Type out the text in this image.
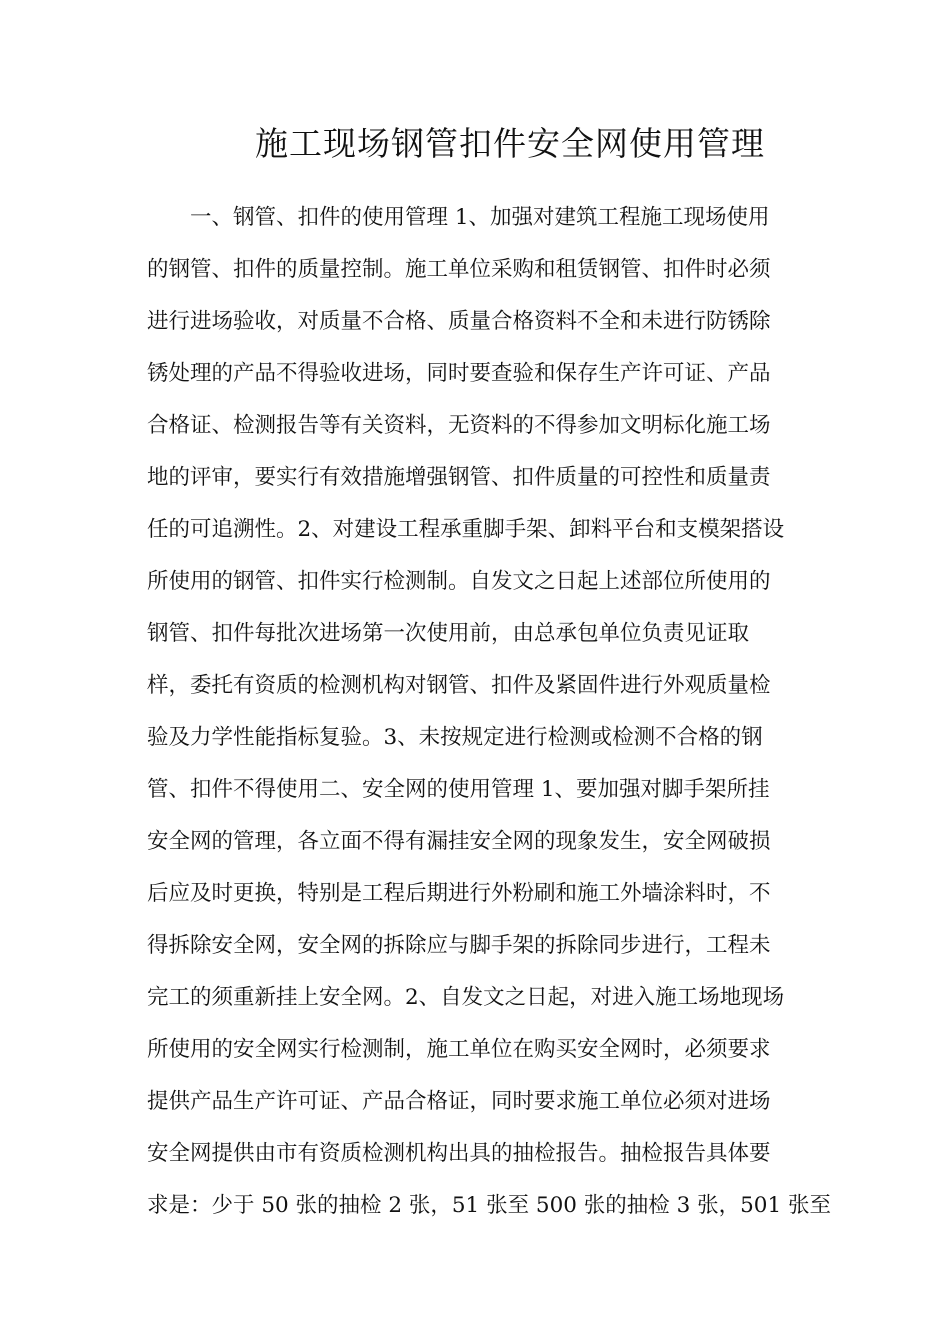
施工现场钢管扣件安全网使用管理
　　一、钢管、扣件的使用管理 1、加强对建筑工程施工现场使用
的钢管、扣件的质量控制。施工单位采购和租赁钢管、扣件时必须
进行进场验收，对质量不合格、质量合格资料不全和未进行防锈除
锈处理的产品不得验收进场，同时要查验和保存生产许可证、产品
合格证、检测报告等有关资料，无资料的不得参加文明标化施工场
地的评审，要实行有效措施增强钢管、扣件质量的可控性和质量责
任的可追溯性。2、对建设工程承重脚手架、卸料平台和支模架搭设
所使用的钢管、扣件实行检测制。自发文之日起上述部位所使用的
钢管、扣件每批次进场第一次使用前，由总承包单位负责见证取
样，委托有资质的检测机构对钢管、扣件及紧固件进行外观质量检
验及力学性能指标复验。3、未按规定进行检测或检测不合格的钢
管、扣件不得使用二、安全网的使用管理 1、要加强对脚手架所挂
安全网的管理，各立面不得有漏挂安全网的现象发生，安全网破损
后应及时更换，特别是工程后期进行外粉刷和施工外墙涂料时，不
得拆除安全网，安全网的拆除应与脚手架的拆除同步进行，工程未
完工的须重新挂上安全网。2、自发文之日起，对进入施工场地现场
所使用的安全网实行检测制，施工单位在购买安全网时，必须要求
提供产品生产许可证、产品合格证，同时要求施工单位必须对进场
安全网提供由市有资质检测机构出具的抽检报告。抽检报告具体要
求是：少于 50 张的抽检 2 张，51 张至 500 张的抽检 3 张，501 张至
